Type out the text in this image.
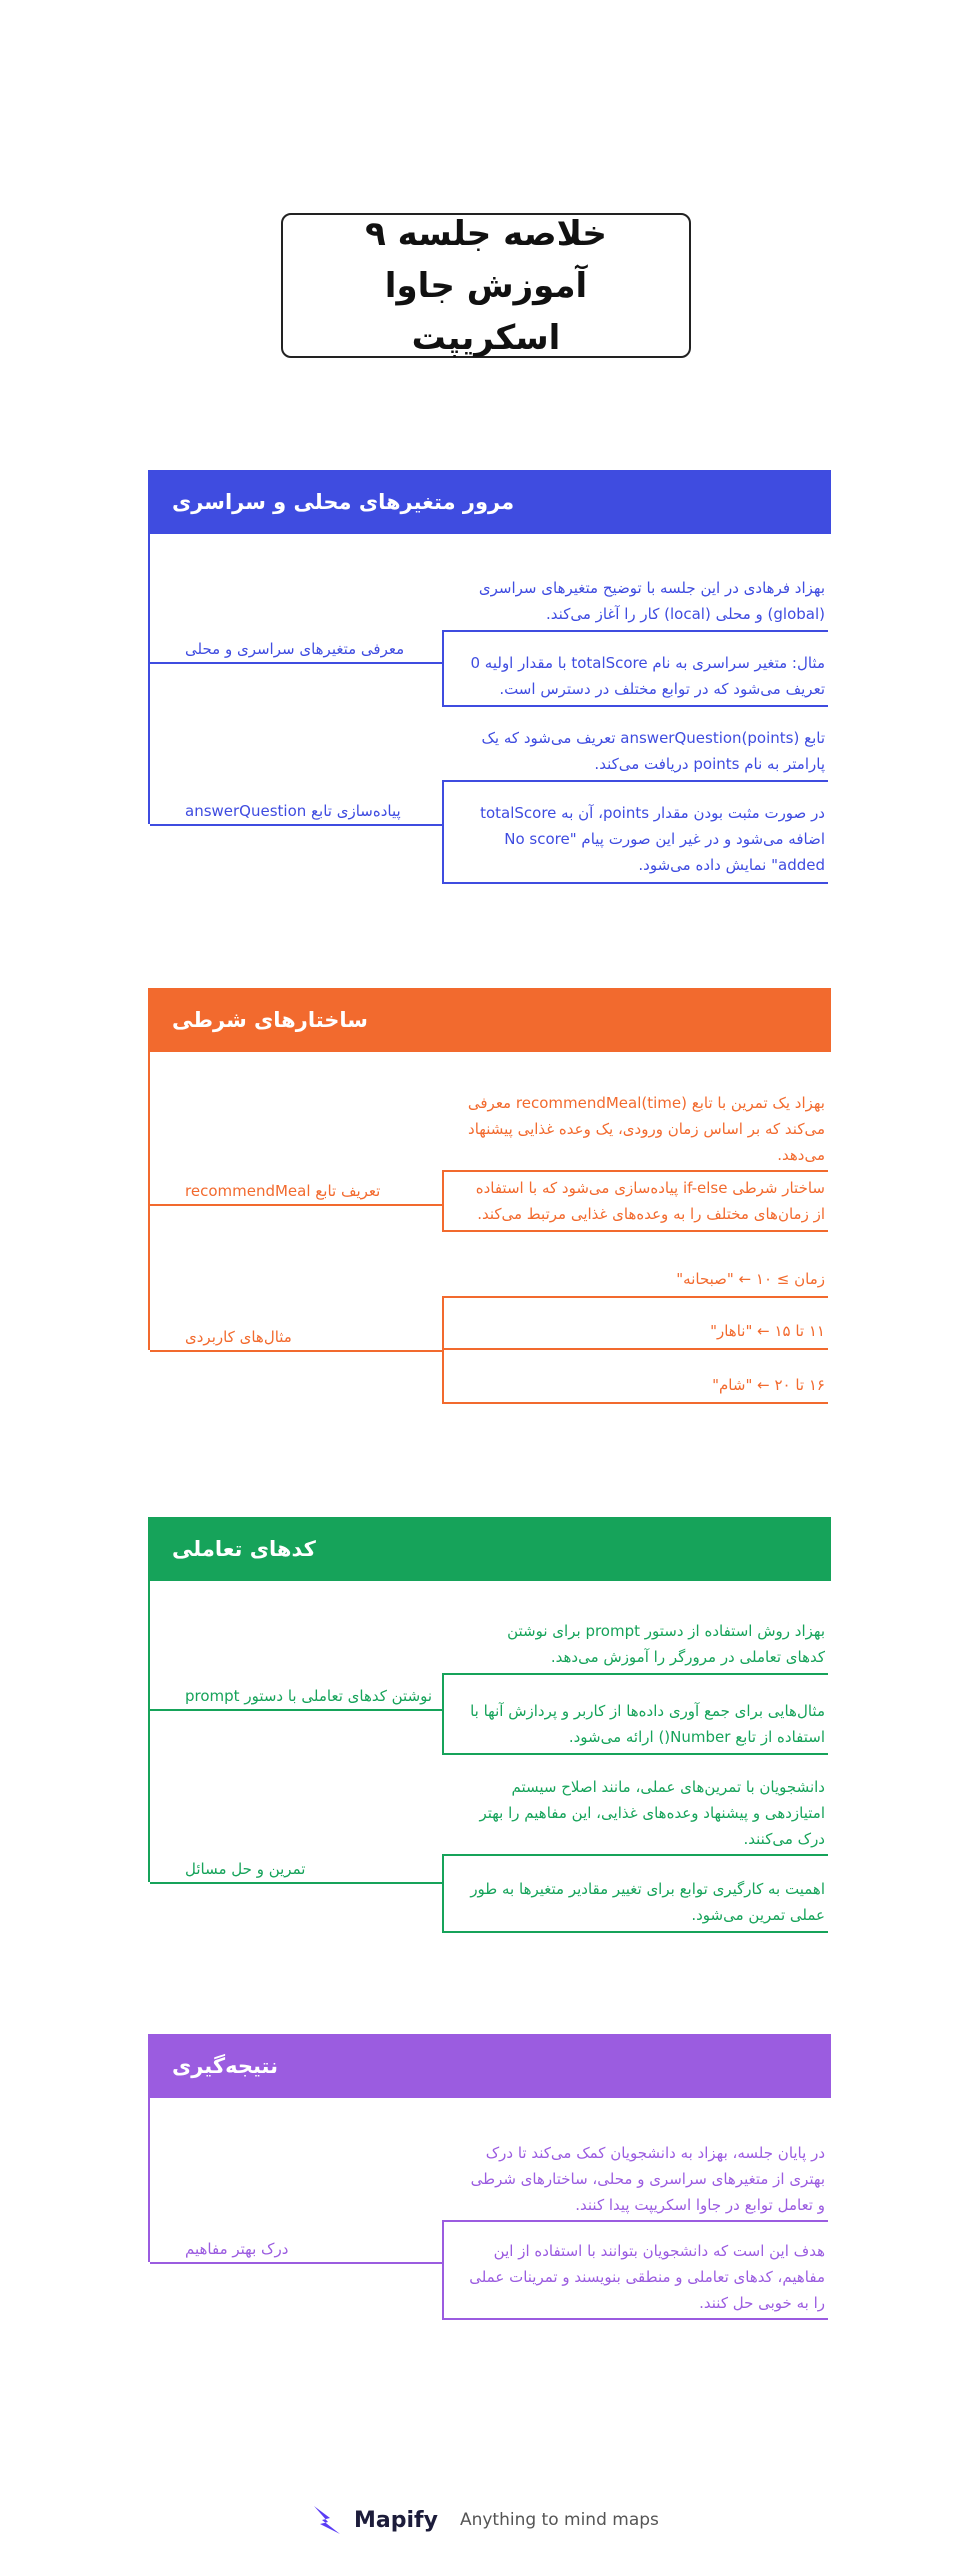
خلاصه جلسه ۹ آموزش جاوا اسکریپت
مرور متغیرهای محلی و سراسری
معرفی متغیرهای سراسری و محلی
بهزاد فرهادی در این جلسه با توضیح متغیرهای سراسری (global) و محلی (local) کار را آغاز می‌کند.
مثال: متغیر سراسری به نام totalScore با مقدار اولیه 0 تعریف می‌شود که در توابع مختلف در دسترس است.
پیاده‌سازی تابع answerQuestion
تابع answerQuestion(points) تعریف می‌شود که یک پارامتر به نام points دریافت می‌کند.
در صورت مثبت بودن مقدار points، آن به totalScore اضافه می‌شود و در غیر این صورت پیام "No score added" نمایش داده می‌شود.
ساختارهای شرطی
تعریف تابع recommendMeal
بهزاد یک تمرین با تابع recommendMeal(time) معرفی می‌کند که بر اساس زمان ورودی، یک وعده غذایی پیشنهاد می‌دهد.
ساختار شرطی if-else پیاده‌سازی می‌شود که با استفاده از زمان‌های مختلف را به وعده‌های غذایی مرتبط می‌کند.
مثال‌های کاربردی
زمان ≥ ۱۰ ← "صبحانه"
۱۱ تا ۱۵ ← "ناهار"
۱۶ تا ۲۰ ← "شام"
کدهای تعاملی
نوشتن کدهای تعاملی با دستور prompt
بهزاد روش استفاده از دستور prompt برای نوشتن کدهای تعاملی در مرورگر را آموزش می‌دهد.
مثال‌هایی برای جمع آوری داده‌ها از کاربر و پردازش آنها با استفاده از تابع Number() ارائه می‌شود.
تمرین و حل مسائل
دانشجویان با تمرین‌های عملی، مانند اصلاح سیستم امتیازدهی و پیشنهاد وعده‌های غذایی، این مفاهیم را بهتر درک می‌کنند.
اهمیت به کارگیری توابع برای تغییر مقادیر متغیرها به طور عملی تمرین می‌شود.
نتیجه‌گیری
درک بهتر مفاهیم
در پایان جلسه، بهزاد به دانشجویان کمک می‌کند تا درک بهتری از متغیرهای سراسری و محلی، ساختارهای شرطی و تعامل توابع در جاوا اسکریپت پیدا کنند.
هدف این است که دانشجویان بتوانند با استفاده از این مفاهیم، کدهای تعاملی و منطقی بنویسند و تمرینات عملی را به خوبی حل کنند.
Mapify Anything to mind maps
